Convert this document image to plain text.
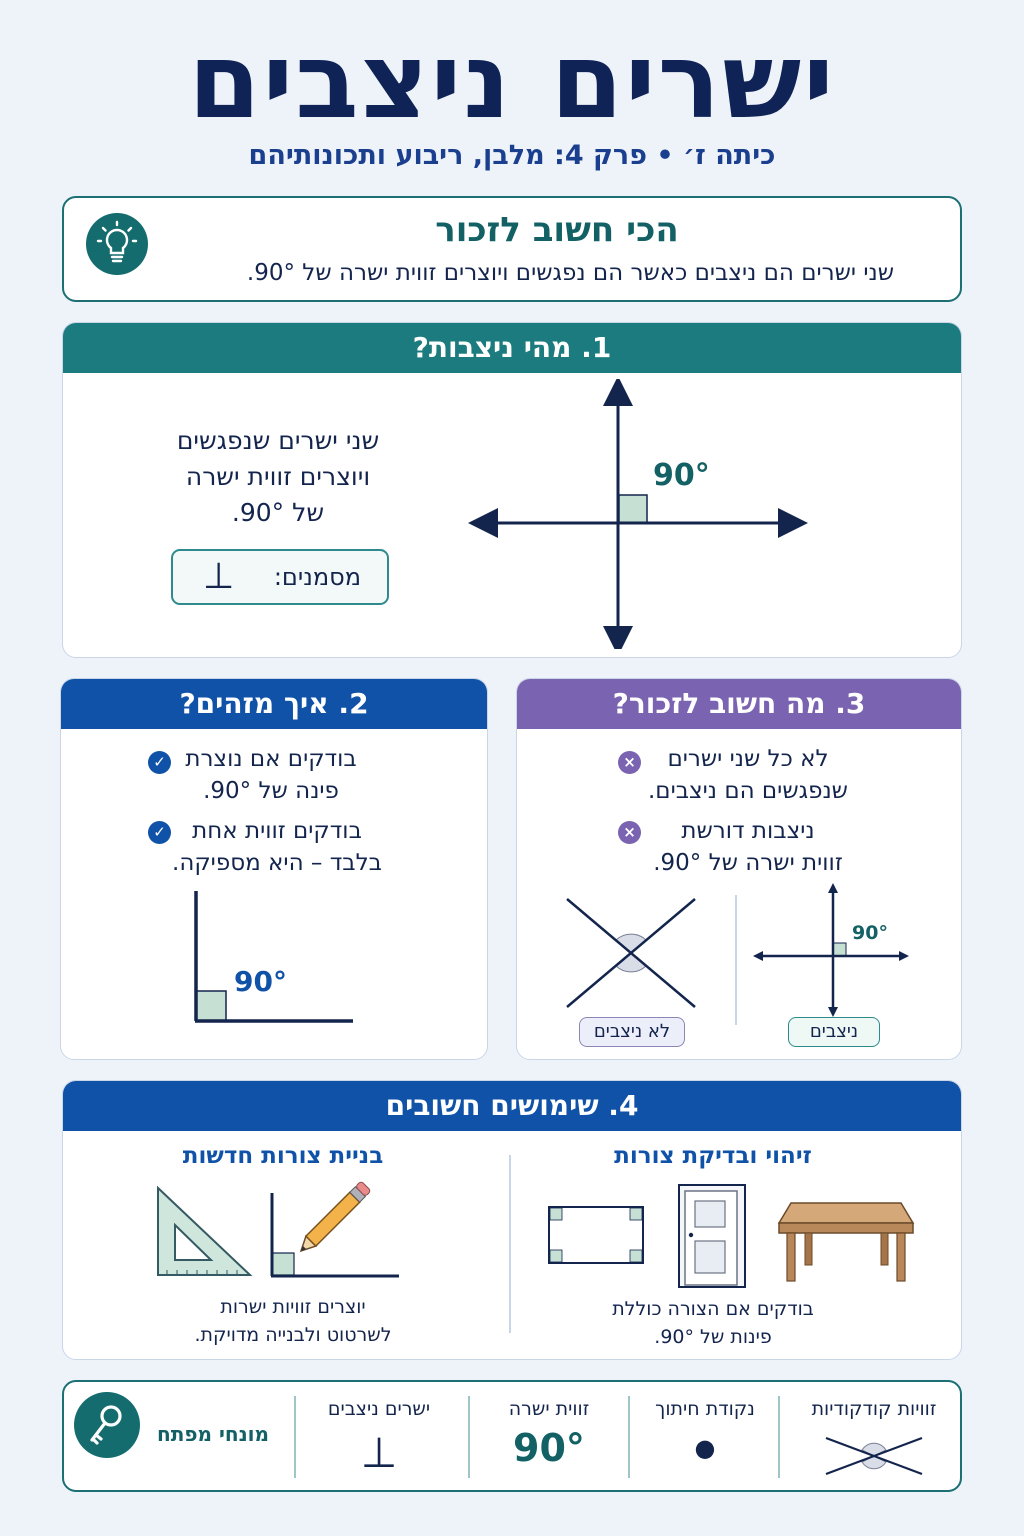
ישרים ניצבים
כיתה ז׳ • פרק 4: מלבן, ריבוע ותכונותיהם
הכי חשוב לזכור
שני ישרים הם ניצבים כאשר הם נפגשים ויוצרים זווית ישרה של 90°.
1. מהי ניצבות?
שני ישרים שנפגשים
ויוצרים זווית ישרה
של 90°.
מסמנים:
⊥
90°
2. איך מזהים?
✓ בודקים אם נוצרת
פינה של 90°.
✓	בודקים זווית אחת
בלבד – היא מספיקה.
90°
3. מה חשוב לזכור?
×	לא כל שני ישרים
שנפגשים הם ניצבים.
×	ניצבות דורשת
זווית ישרה של 90°.
90°
לא ניצבים	ניצבים
4. שימושים חשובים
בניית צורות חדשות	זיהוי ובדיקת צורות
יוצרים זוויות ישרות
לשרטוט ולבנייה מדויקת.
בודקים אם הצורה כוללת
פינות של 90°.
מונחי מפתח
ישרים ניצבים
⊥
זווית ישרה
90°
נקודת חיתוך
●
זוויות קודקודיות
